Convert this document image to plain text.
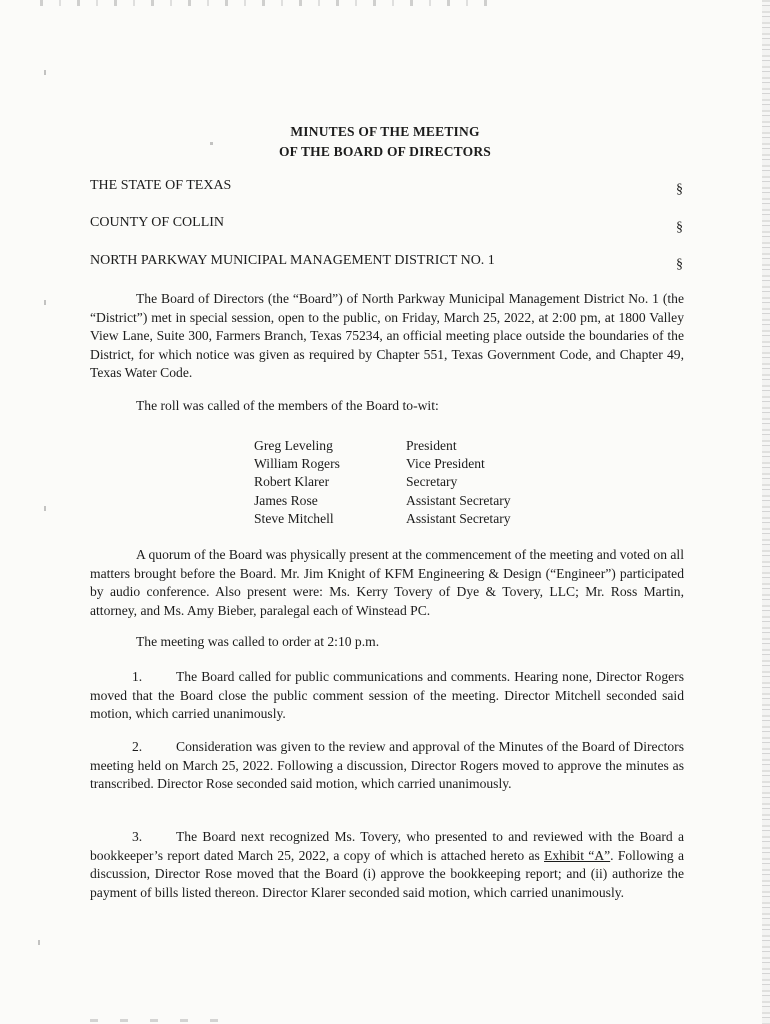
MINUTES OF THE MEETING
OF THE BOARD OF DIRECTORS
THE STATE OF TEXAS	§
COUNTY OF COLLIN	§
NORTH PARKWAY MUNICIPAL MANAGEMENT DISTRICT NO. 1	§
The Board of Directors (the “Board”) of North Parkway Municipal Management District No. 1 (the “District”) met in special session, open to the public, on Friday, March 25, 2022, at 2:00 pm, at 1800 Valley View Lane, Suite 300, Farmers Branch, Texas 75234, an official meeting place outside the boundaries of the District, for which notice was given as required by Chapter 551, Texas Government Code, and Chapter 49, Texas Water Code.
The roll was called of the members of the Board to-wit:
Greg Leveling	President
William Rogers	Vice President
Robert Klarer	Secretary
James Rose	Assistant Secretary
Steve Mitchell	Assistant Secretary
A quorum of the Board was physically present at the commencement of the meeting and voted on all matters brought before the Board. Mr. Jim Knight of KFM Engineering & Design (“Engineer”) participated by audio conference. Also present were: Ms. Kerry Tovery of Dye & Tovery, LLC; Mr. Ross Martin, attorney, and Ms. Amy Bieber, paralegal each of Winstead PC.
The meeting was called to order at 2:10 p.m.
1. The Board called for public communications and comments. Hearing none, Director Rogers moved that the Board close the public comment session of the meeting. Director Mitchell seconded said motion, which carried unanimously.
2. Consideration was given to the review and approval of the Minutes of the Board of Directors meeting held on March 25, 2022. Following a discussion, Director Rogers moved to approve the minutes as transcribed. Director Rose seconded said motion, which carried unanimously.
3. The Board next recognized Ms. Tovery, who presented to and reviewed with the Board a bookkeeper’s report dated March 25, 2022, a copy of which is attached hereto as Exhibit “A”. Following a discussion, Director Rose moved that the Board (i) approve the bookkeeping report; and (ii) authorize the payment of bills listed thereon. Director Klarer seconded said motion, which carried unanimously.
